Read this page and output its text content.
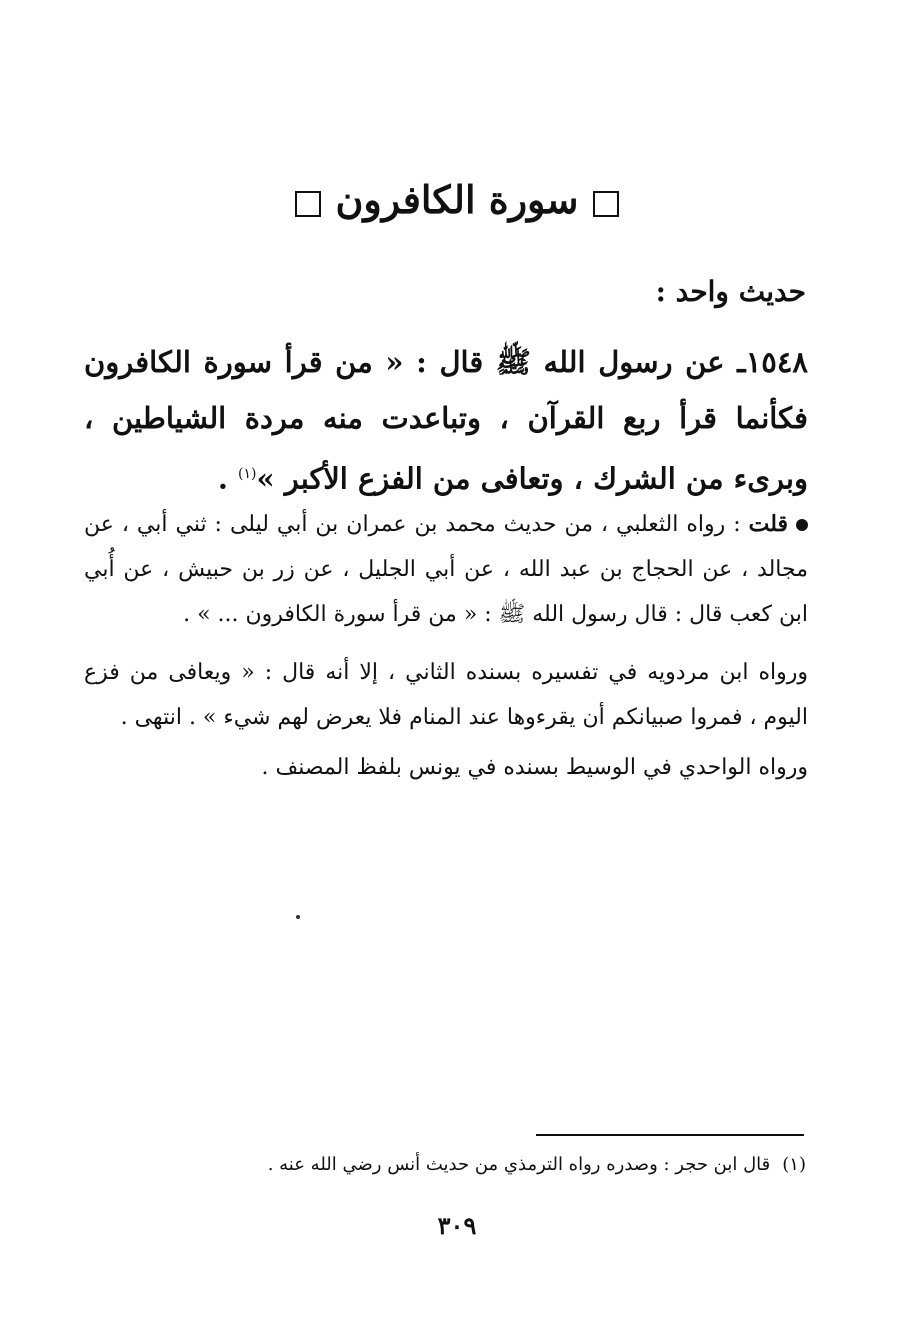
سورة الكافرون
حديث واحد :
١٥٤٨ـ عن رسول الله ﷺ قال : « من قرأ سورة الكافرون فكأنما قرأ ربع القرآن ، وتباعدت منه مردة الشياطين ، وبرىء من الشرك ، وتعافى من الفزع الأكبر »$^{(١)}$ .
قلت : رواه الثعلبي ، من حديث محمد بن عمران بن أبي ليلى : ثني أبي ، عن مجالد ، عن الحجاج بن عبد الله ، عن أبي الجليل ، عن زر بن حبيش ، عن أُبي ابن كعب قال : قال رسول الله ﷺ : « من قرأ سورة الكافرون ... » .
ورواه ابن مردويه في تفسيره بسنده الثاني ، إلا أنه قال : « ويعافى من فزع اليوم ، فمروا صبيانكم أن يقرءوها عند المنام فلا يعرض لهم شيء » . انتهى .
ورواه الواحدي في الوسيط بسنده في يونس بلفظ المصنف .
(١)قال ابن حجر : وصدره رواه الترمذي من حديث أنس رضي الله عنه .
٣٠٩
